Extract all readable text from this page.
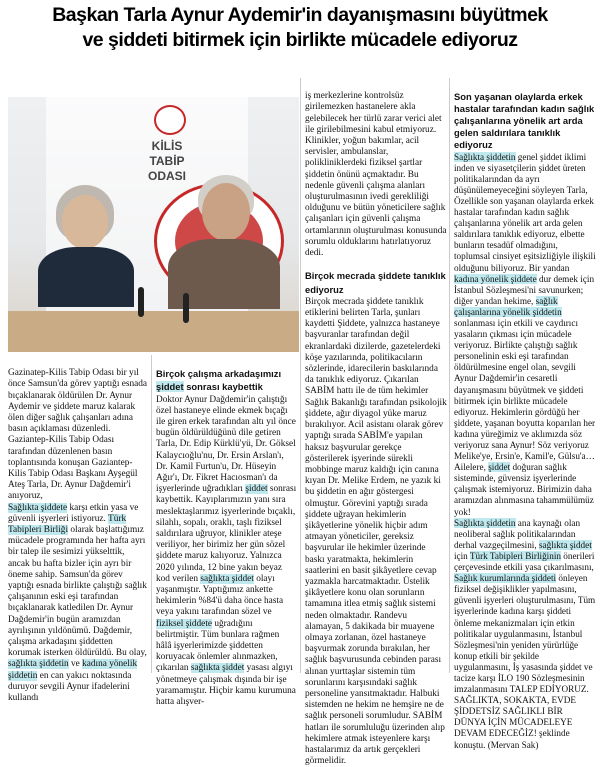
Başkan Tarla Aynur Aydemir'in dayanışmasını büyütmek
ve şiddeti bitirmek için birlikte mücadele ediyoruz
KİLİS
TABİP ODASI

Gazinatep-Kilis Tabip Odası bir yıl önce Samsun'da görev yaptığı esnada bıçaklanarak öldürülen Dr. Aynur Aydemir ve şiddete maruz kalarak ölen diğer sağlık çalışanları adına basın açıklaması düzenledi. Gaziantep-Kilis Tabip Odası tarafından düzenlenen basın toplantısında konuşan Gaziantep-Kilis Tabip Odası Başkanı Ayşegül Ateş Tarla, Dr. Aynur Dağdemir'i anıyoruz,
Sağlıkta şiddete karşı etkin yasa ve güvenli işyerleri istiyoruz. Türk Tabipleri Birliği olarak başlattığımız mücadele programında her hafta ayrı bir talep ile sesimizi yükselttik, ancak bu hafta bizler için ayrı bir öneme sahip. Samsun'da görev yaptığı esnada birlikte çalıştığı sağlık çalışanının eski eşi tarafından bıçaklanarak katledilen Dr. Aynur Dağdemir'in bugün aramızdan ayrılışının yıldönümü. Dağdemir, çalışma arkadaşını şiddetten korumak isterken öldürüldü. Bu olay, sağlıkta şiddetin ve kadına yönelik şiddetin en can yakıcı noktasında duruyor sevgili Aynur ifadelerini kullandı

Birçok çalışma arkadaşımızı şiddet sonrası kaybettik
Doktor Aynur Dağdemir'in çalıştığı özel hastaneye elinde ekmek bıçağı ile giren erkek tarafından altı yıl önce bugün öldürüldüğünü dile getiren Tarla, Dr. Edip Kürklü'yü, Dr. Göksel Kalaycıoğlu'nu, Dr. Ersin Arslan'ı, Dr. Kamil Furtun'u, Dr. Hüseyin Ağır'ı, Dr. Fikret Hacıosman'ı da işyerlerinde uğradıkları şiddet sonrası kaybettik. Kayıplarımızın yanı sıra meslektaşlarımız işyerlerinde bıçaklı, silahlı, sopalı, oraklı, taşlı fiziksel saldırılara uğruyor, klinikler ateşe veriliyor, her birimiz her gün sözel şiddete maruz kalıyoruz. Yalnızca 2020 yılında, 12 bine yakın beyaz kod verilen sağlıkta şiddet olayı yaşanmıştır. Yaptığımız ankette hekimlerin %84'ü daha önce hasta veya yakını tarafından sözel ve fiziksel şiddete uğradığını belirtmiştir. Tüm bunlara rağmen hâlâ işyerlerimizde şiddetten koruyacak önlemler alınmazken, çıkarılan sağlıkta şiddet yasası algıyı yönetmeye çalışmak dışında bir işe yaramamıştır. Hiçbir kamu kurumuna hatta alışver-

iş merkezlerine kontrolsüz girilemezken hastanelere akla gelebilecek her türlü zarar verici alet ile girilebilmesini kabul etmiyoruz. Klinikler, yoğun bakımlar, acil servisler, ambulanslar, polikliniklerdeki fiziksel şartlar şiddetin önünü açmaktadır. Bu nedenle güvenli çalışma alanları oluşturulmasının ivedi gerekliliği olduğunu ve bütün yöneticilere sağlık çalışanları için güvenli çalışma ortamlarının oluşturulması konusunda sorumlu olduklarını hatırlatıyoruz dedi.

Birçok mecrada şiddete tanıklık ediyoruz
Birçok mecrada şiddete tanıklık etiklerini belirten Tarla, şunları kaydetti Şiddete, yalnızca hastaneye başvuranlar tarafından değil ekranlardaki dizilerde, gazetelerdeki köşe yazılarında, politikacıların sözlerinde, idarecilerin baskılarında da tanıklık ediyoruz. Çıkarılan SABİM hattı ile de tüm hekimler Sağlık Bakanlığı tarafından psikolojik şiddete, ağır diyagol yüke maruz bırakılıyor. Acil asistanı olarak görev yaptığı sırada SABİM'e yapılan haksız başvurular gerekçe gösterilerek işyerinde sürekli mobbinge maruz kaldığı için canına kıyan Dr. Melike Erdem, ne yazık ki bu şiddetin en ağır göstergesi olmuştur. Görevini yaptığı sırada şiddete uğrayan hekimlerin şikâyetlerine yönelik hiçbir adım atmayan yöneticiler, gereksiz başvurular ile hekimler üzerinde baskı yaratmakta, hekimlerin saatlerini en basit şikâyetlere cevap yazmakla harcatmaktadır. Üstelik şikâyetlere konu olan sorunların tamamına itlea etmiş sağlık sistemi neden olmaktadır. Randevu alamayan, 5 dakikada bir muayene olmaya zorlanan, özel hastaneye başvurmak zorunda bırakılan, her sağlık başvurusunda cebinden parası alınan yurttaşlar sistemin tüm sorunlarını karşısındaki sağlık personeline yansıtmaktadır. Halbuki sistemden ne hekim ne hemşire ne de sağlık personeli sorumludur. SABİM hatları ile sorumluluğu üzerinden alıp hekimlere atmak isteyenlere karşı hastalarımız da artık gerçekleri görmelidir.

Son yaşanan olaylarda erkek hastalar tarafından kadın sağlık çalışanlarına yönelik art arda gelen saldırılara tanıklık ediyoruz
Sağlıkta şiddetin genel şiddet iklimi inden ve siyasetçilerin şiddet üreten politikalarından da ayrı düşünülemeyeceğini söyleyen Tarla, Özellikle son yaşanan olaylarda erkek hastalar tarafından kadın sağlık çalışanlarına yönelik art arda gelen saldırılara tanıklık ediyoruz, elbette bunların tesadüf olmadığını, toplumsal cinsiyet eşitsizliğiyle ilişkili olduğunu biliyoruz. Bir yandan kadına yönelik şiddete dur demek için İstanbul Sözleşmesi'ni savunurken; diğer yandan hekime, sağlık çalışanlarına yönelik şiddetin sonlanması için etkili ve caydırıcı yasaların çıkması için mücadele veriyoruz. Birlikte çalıştığı sağlık personelinin eski eşi tarafından öldürülmesine engel olan, sevgili Aynur Dağdemir'in cesaretli dayanışmasını büyütmek ve şiddeti bitirmek için birlikte mücadele ediyoruz. Hekimlerin gördüğü her şiddete, yaşanan boyutta koparılan her kadına yüreğimiz ve aklımızda söz veriyoruz sana Aynur! Söz veriyoruz Melike'ye, Ersin'e, Kamil'e, Gülsu'a… Ailelere, şiddet doğuran sağlık sisteminde, güvensiz işyerlerinde çalışmak istemiyoruz. Birimizin daha aramızdan alınmasına tahammülümüz yok!
Sağlıkta şiddetin ana kaynağı olan neoliberal sağlık politikalarından derhal vazgeçilmesini, sağlıkta şiddet için Türk Tabipleri Birliğinin önerileri çerçevesinde etkili yasa çıkarılmasını, Sağlık kurumlarında şiddeti önleyen fiziksel değişiklikler yapılmasını, güvenli işyerleri oluşturulmasını, Tüm işyerlerinde kadına karşı şiddeti önleme mekanizmaları için etkin politikalar uygulanmasını, İstanbul Sözleşmesi'nin yeniden yürürlüğe konup etkili bir şekilde uygulanmasını, İş yasasında şiddet ve tacize karşı İLO 190 Sözleşmesinin imzalanmasını TALEP EDİYORUZ. SAĞLIKTA, SOKAKTA, EVDE ŞİDDETSİZ SAĞLIKLI BİR DÜNYA İÇİN MÜCADELEYE DEVAM EDECEĞİZ! şeklinde konuştu. (Mervan Sak)
